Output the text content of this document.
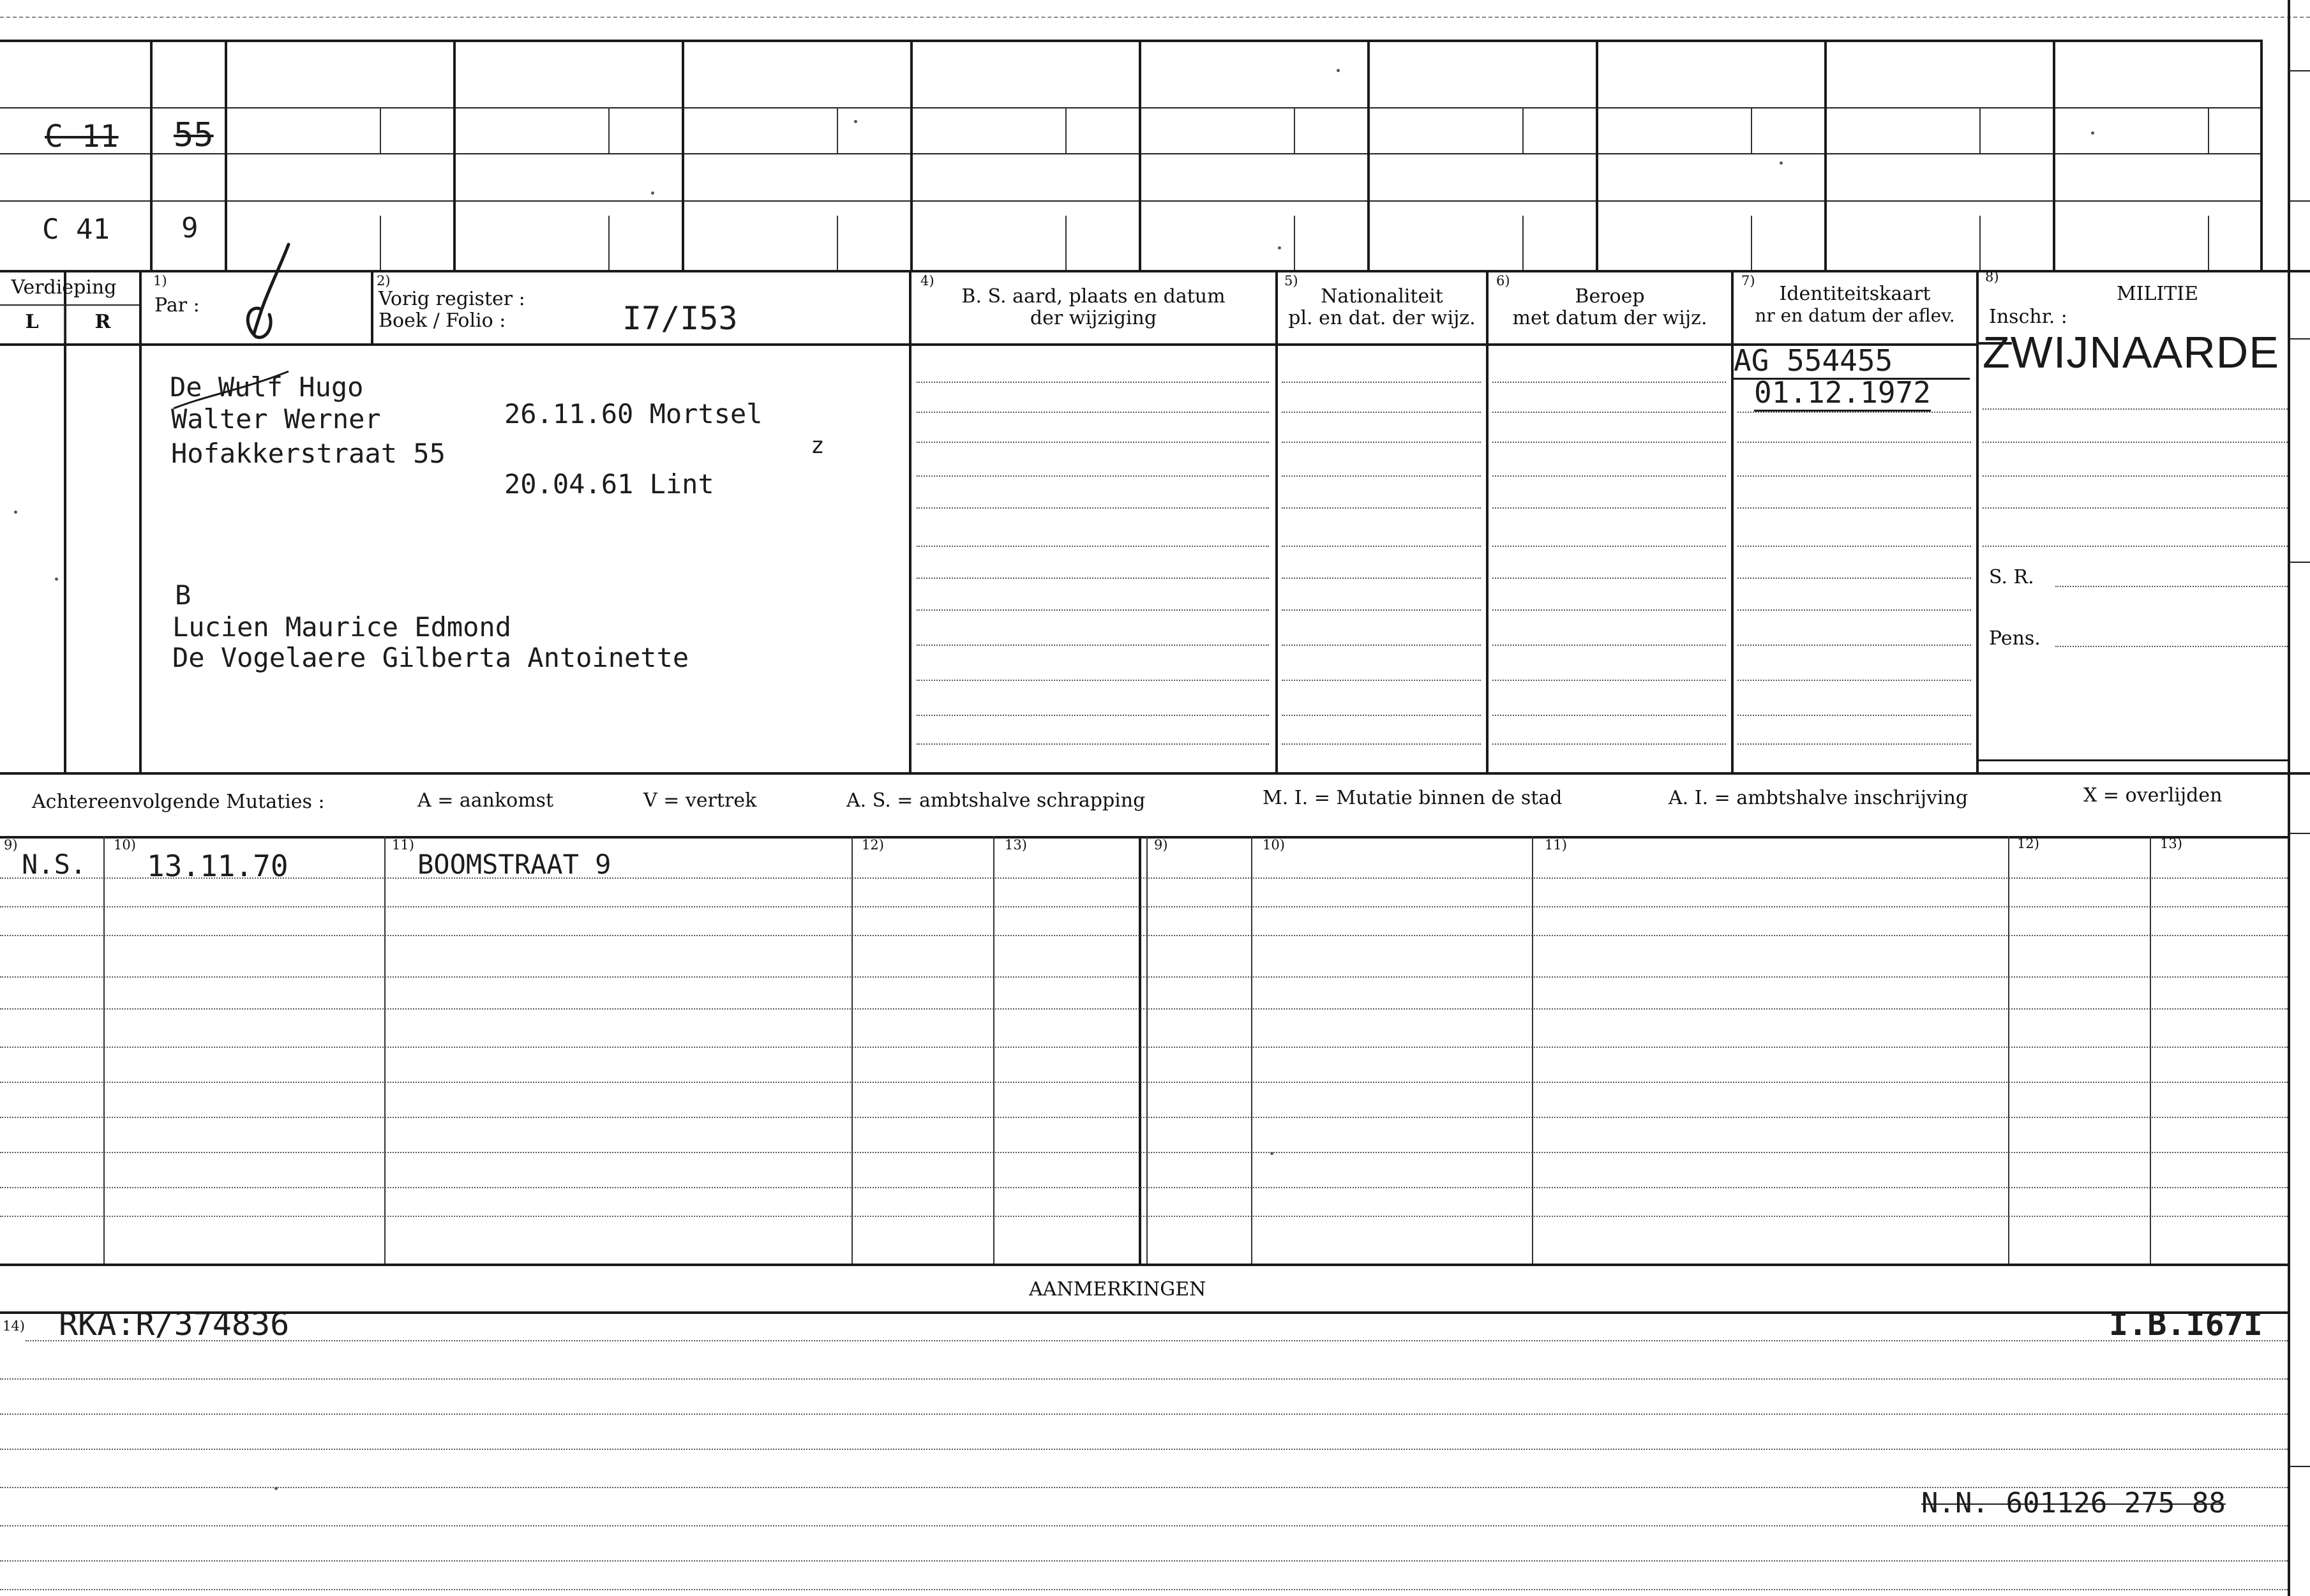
C 11 55
C 41	9
Verdieping
L	R
1)
Par :
2)
Vorig register :
Boek / Folio :	I7/I53
4)
B. S. aard, plaats en datum
der wijziging
5)
Nationaliteit
pl. en dat. der wijz.
6)
Beroep
met datum der wijz.
7)
Identiteitskaart
nr en datum der aflev.
8)
MILITIE
Inschr. :
ZWIJNAARDE
S. R.
Pens.
De Wulf Hugo
Walter Werner
Hofakkerstraat 55
26.11.60 Mortsel
20.04.61 Lint
z
B
Lucien Maurice Edmond
De Vogelaere Gilberta Antoinette
AG 554455
01.12.1972
Achtereenvolgende Mutaties :	A = aankomst	V = vertrek	A. S. = ambtshalve schrapping	M. I. = Mutatie binnen de stad	A. I. = ambtshalve inschrijving	X = overlijden
9)	10)	11)	12)	13)	9)	10)	11)	12)	13)
N.S. 13.11.70	BOOMSTRAAT 9
AANMERKINGEN
14) RKA:R/374836	I.B.I67I
N.N. 601126 275 88
